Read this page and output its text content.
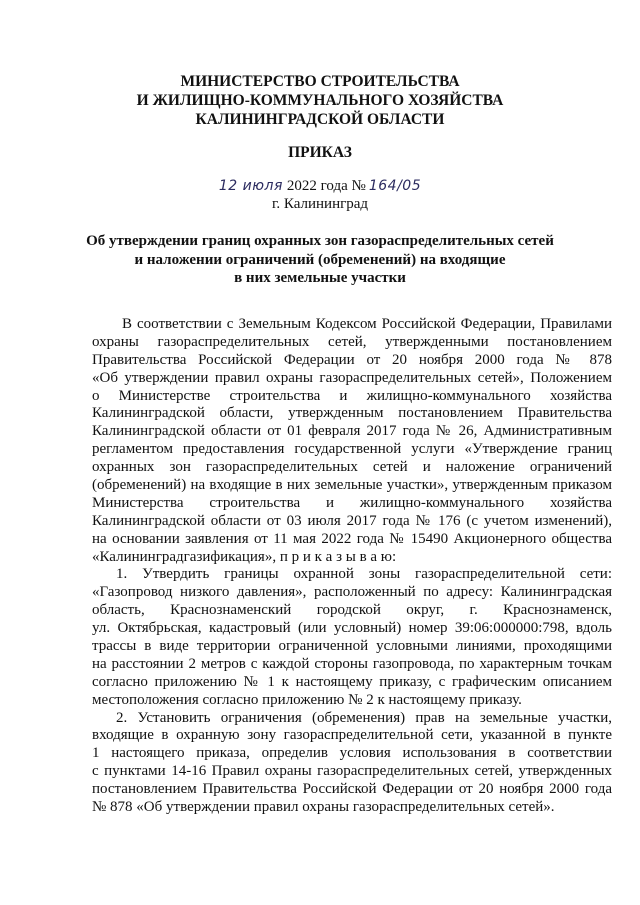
МИНИСТЕРСТВО СТРОИТЕЛЬСТВА
И ЖИЛИЩНО-КОММУНАЛЬНОГО ХОЗЯЙСТВА
КАЛИНИНГРАДСКОЙ ОБЛАСТИ
ПРИКАЗ
12 июля 2022 года № 164/05
г. Калининград
Об утверждении границ охранных зон газораспределительных сетей
и наложении ограничений (обременений) на входящие
в них земельные участки

В соответствии с Земельным Кодексом Российской Федерации, Правилами
охраны газораспределительных сетей, утвержденными постановлением
Правительства Российской Федерации от 20 ноября 2000 года № 878
«Об утверждении правил охраны газораспределительных сетей», Положением
о Министерстве строительства и жилищно-коммунального хозяйства
Калининградской области, утвержденным постановлением Правительства
Калининградской области от 01 февраля 2017 года № 26, Административным
регламентом предоставления государственной услуги «Утверждение границ
охранных зон газораспределительных сетей и наложение ограничений
(обременений) на входящие в них земельные участки», утвержденным приказом
Министерства строительства и жилищно-коммунального хозяйства
Калининградской области от 03 июля 2017 года № 176 (с учетом изменений),
на основании заявления от 11 мая 2022 года № 15490 Акционерного общества
«Калининградгазификация», п р и к а з ы в а ю:

1. Утвердить границы охранной зоны газораспределительной сети:
«Газопровод низкого давления», расположенный по адресу: Калининградская
область, Краснознаменский городской округ, г. Краснознаменск,
ул. Октябрьская, кадастровый (или условный) номер 39:06:000000:798, вдоль
трассы в виде территории ограниченной условными линиями, проходящими
на расстоянии 2 метров с каждой стороны газопровода, по характерным точкам
согласно приложению № 1 к настоящему приказу, с графическим описанием
местоположения согласно приложению № 2 к настоящему приказу.

2. Установить ограничения (обременения) прав на земельные участки,
входящие в охранную зону газораспределительной сети, указанной в пункте
1 настоящего приказа, определив условия использования в соответствии
с пунктами 14-16 Правил охраны газораспределительных сетей, утвержденных
постановлением Правительства Российской Федерации от 20 ноября 2000 года
№ 878 «Об утверждении правил охраны газораспределительных сетей».
